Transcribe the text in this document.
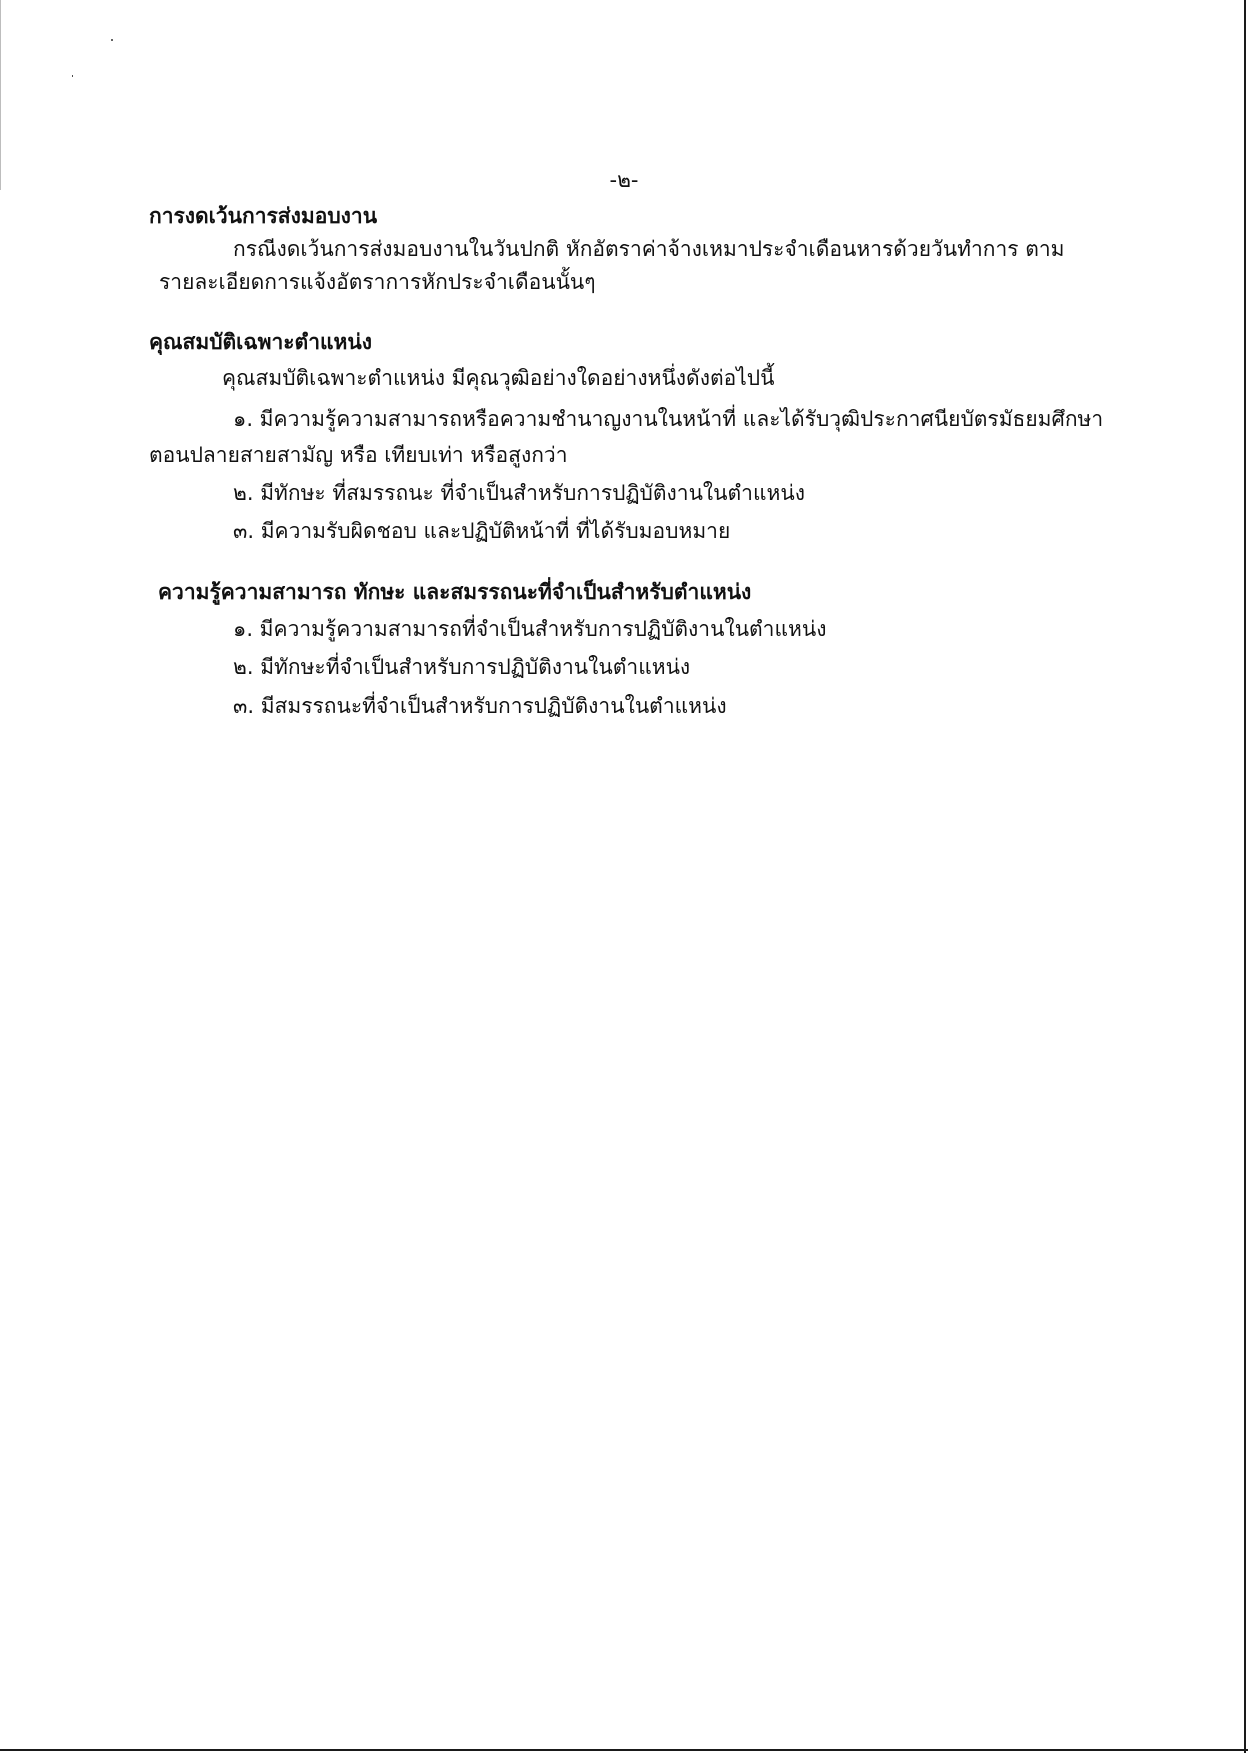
-๒-
การงดเว้นการส่งมอบงาน
กรณีงดเว้นการส่งมอบงานในวันปกติ หักอัตราค่าจ้างเหมาประจำเดือนหารด้วยวันทำการ ตาม
รายละเอียดการแจ้งอัตราการหักประจำเดือนนั้นๆ
คุณสมบัติเฉพาะตำแหน่ง
คุณสมบัติเฉพาะตำแหน่ง มีคุณวุฒิอย่างใดอย่างหนึ่งดังต่อไปนี้
๑. มีความรู้ความสามารถหรือความชำนาญงานในหน้าที่ และได้รับวุฒิประกาศนียบัตรมัธยมศึกษา
ตอนปลายสายสามัญ หรือ เทียบเท่า หรือสูงกว่า
๒. มีทักษะ ที่สมรรถนะ ที่จำเป็นสำหรับการปฏิบัติงานในตำแหน่ง
๓. มีความรับผิดชอบ และปฏิบัติหน้าที่ ที่ได้รับมอบหมาย
ความรู้ความสามารถ ทักษะ และสมรรถนะที่จำเป็นสำหรับตำแหน่ง
๑. มีความรู้ความสามารถที่จำเป็นสำหรับการปฏิบัติงานในตำแหน่ง
๒. มีทักษะที่จำเป็นสำหรับการปฏิบัติงานในตำแหน่ง
๓. มีสมรรถนะที่จำเป็นสำหรับการปฏิบัติงานในตำแหน่ง
